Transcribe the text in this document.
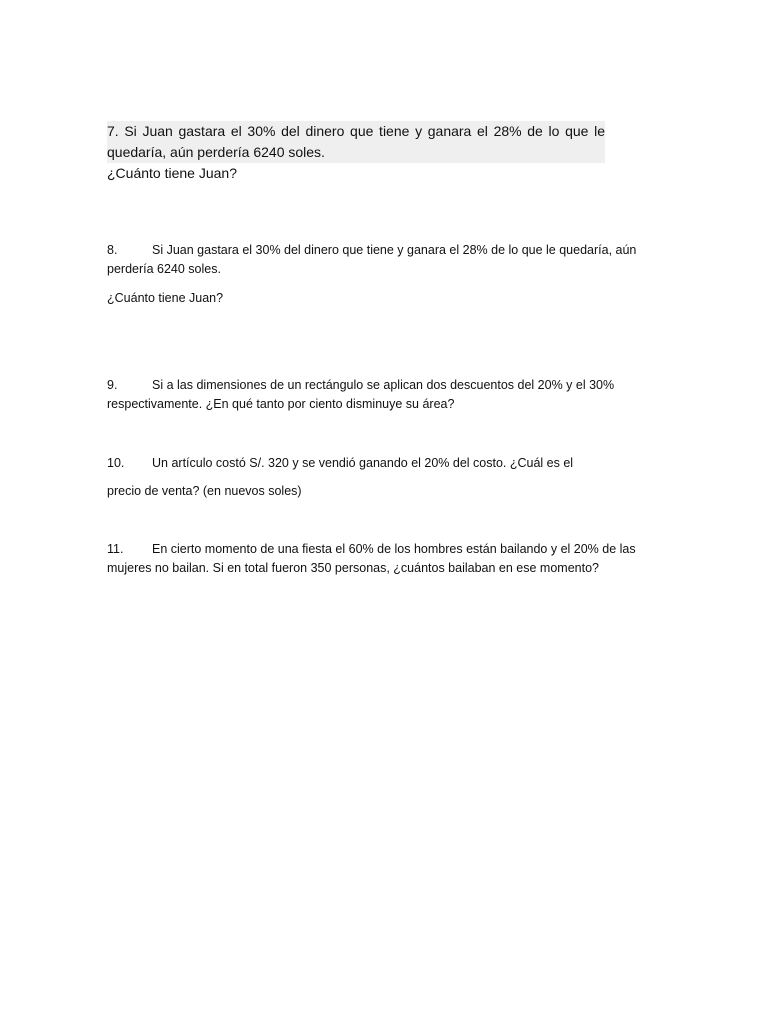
7. Si Juan gastara el 30% del dinero que tiene y ganara el 28% de lo que le
quedaría, aún perdería 6240 soles.
¿Cuánto tiene Juan?
8.	Si Juan gastara el 30% del dinero que tiene y ganara el 28% de lo que le quedaría, aún perdería 6240 soles.
¿Cuánto tiene Juan?
9.	Si a las dimensiones de un rectángulo se aplican dos descuentos del 20% y el 30% respectivamente. ¿En qué tanto por ciento disminuye su área?
10. Un artículo costó S/. 320 y se vendió ganando el 20% del costo. ¿Cuál es el
precio de venta? (en nuevos soles)
11. En cierto momento de una fiesta el 60% de los hombres están bailando y el 20% de las mujeres no bailan. Si en total fueron 350 personas, ¿cuántos bailaban en ese momento?
